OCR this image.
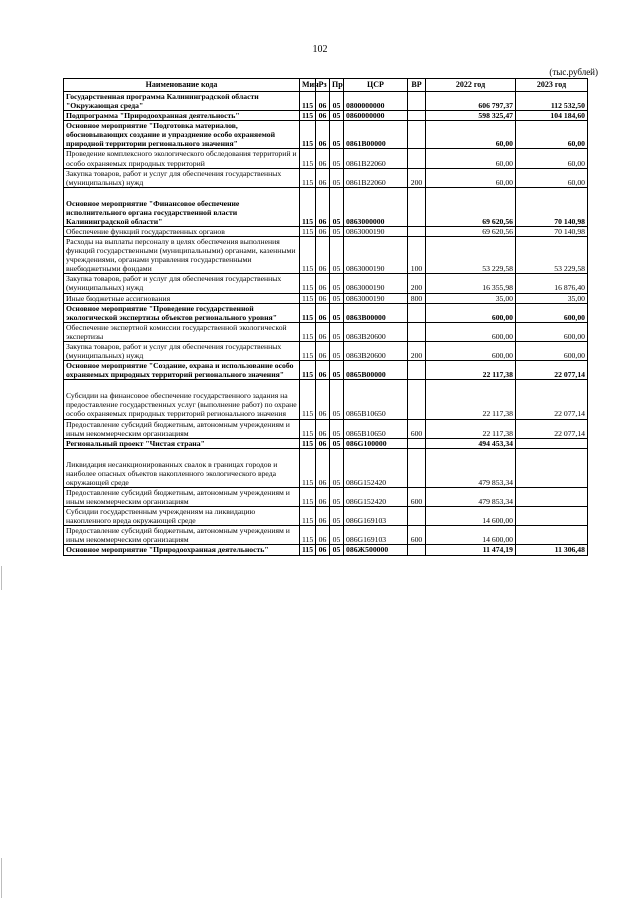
102
(тыс.рублей)
Наименование кода	Мин	Рз	Пр	ЦСР	ВР	2022 год	2023 год
Государственная программа Калининградской области "Окружающая среда"	115	06	05	0800000000		606 797,37	112 532,50
Подпрограмма "Природоохранная деятельность"	115	06	05	0860000000		598 325,47	104 184,60
Основное мероприятие "Подготовка материалов, обосновывающих создание и упразднение особо охраняемой природной территории регионального значения"	115	06	05	0861B00000		60,00	60,00
Проведение комплексного экологического обследования территорий и особо охраняемых природных территорий	115	06	05	0861B22060		60,00	60,00
Закупка товаров, работ и услуг для обеспечения государственных (муниципальных) нужд	115	06	05	0861B22060	200	60,00	60,00
Основное мероприятие "Финансовое обеспечение исполнительного органа государственной власти Калининградской области"	115	06	05	0863000000		69 620,56	70 140,98
Обеспечение функций государственных органов	115	06	05	0863000190		69 620,56	70 140,98
Расходы на выплаты персоналу в целях обеспечения выполнения функций государственными (муниципальными) органами, казенными учреждениями, органами управления государственными внебюджетными фондами	115	06	05	0863000190	100	53 229,58	53 229,58
Закупка товаров, работ и услуг для обеспечения государственных (муниципальных) нужд	115	06	05	0863000190	200	16 355,98	16 876,40
Иные бюджетные ассигнования	115	06	05	0863000190	800	35,00	35,00
Основное мероприятие "Проведение государственной экологической экспертизы объектов регионального уровня"	115	06	05	0863B00000		600,00	600,00
Обеспечение экспертной комиссии государственной экологической экспертизы	115	06	05	0863B20600		600,00	600,00
Закупка товаров, работ и услуг для обеспечения государственных (муниципальных) нужд	115	06	05	0863B20600	200	600,00	600,00
Основное мероприятие "Создание, охрана и использование особо охраняемых природных территорий регионального значения"	115	06	05	0865B00000		22 117,38	22 077,14
Субсидии на финансовое обеспечение государственного задания на предоставление государственных услуг (выполнение работ) по охране особо охраняемых природных территорий регионального значения	115	06	05	0865B10650		22 117,38	22 077,14
Предоставление субсидий бюджетным, автономным учреждениям и иным некоммерческим организациям	115	06	05	0865B10650	600	22 117,38	22 077,14
Региональный проект "Чистая страна"	115	06	05	086G100000		494 453,34	
Ликвидация несанкционированных свалок в границах городов и наиболее опасных объектов накопленного экологического вреда окружающей среде	115	06	05	086G152420		479 853,34	
Предоставление субсидий бюджетным, автономным учреждениям и иным некоммерческим организациям	115	06	05	086G152420	600	479 853,34	
Субсидии государственным учреждениям на ликвидацию накопленного вреда окружающей среде	115	06	05	086G169103		14 600,00	
Предоставление субсидий бюджетным, автономным учреждениям и иным некоммерческим организациям	115	06	05	086G169103	600	14 600,00	
Основное мероприятие "Природоохранная деятельность"	115	06	05	086Ж500000		11 474,19	11 306,48
